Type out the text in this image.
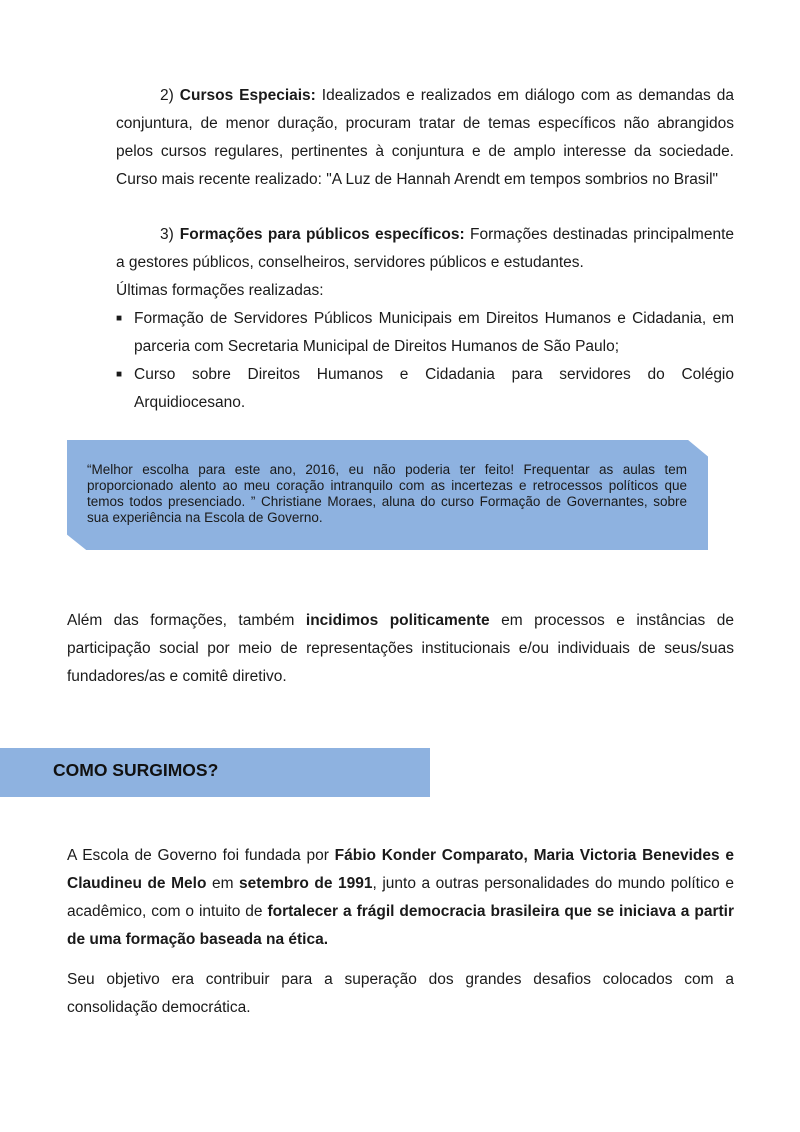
2) Cursos Especiais: Idealizados e realizados em diálogo com as demandas da conjuntura, de menor duração, procuram tratar de temas específicos não abrangidos pelos cursos regulares, pertinentes à conjuntura e de amplo interesse da sociedade. Curso mais recente realizado: "A Luz de Hannah Arendt em tempos sombrios no Brasil"
3) Formações para públicos específicos: Formações destinadas principalmente a gestores públicos, conselheiros, servidores públicos e estudantes.
Últimas formações realizadas:
■ Formação de Servidores Públicos Municipais em Direitos Humanos e Cidadania, em parceria com Secretaria Municipal de Direitos Humanos de São Paulo;
■ Curso sobre Direitos Humanos e Cidadania para servidores do Colégio Arquidiocesano.
“Melhor escolha para este ano, 2016, eu não poderia ter feito! Frequentar as aulas tem proporcionado alento ao meu coração intranquilo com as incertezas e retrocessos políticos que temos todos presenciado. ” Christiane Moraes, aluna do curso Formação de Governantes, sobre sua experiência na Escola de Governo.
Além das formações, também incidimos politicamente em processos e instâncias de participação social por meio de representações institucionais e/ou individuais de seus/suas fundadores/as e comitê diretivo.
COMO SURGIMOS?
A Escola de Governo foi fundada por Fábio Konder Comparato, Maria Victoria Benevides e Claudineu de Melo em setembro de 1991, junto a outras personalidades do mundo político e acadêmico, com o intuito de fortalecer a frágil democracia brasileira que se iniciava a partir de uma formação baseada na ética.
Seu objetivo era contribuir para a superação dos grandes desafios colocados com a consolidação democrática.
